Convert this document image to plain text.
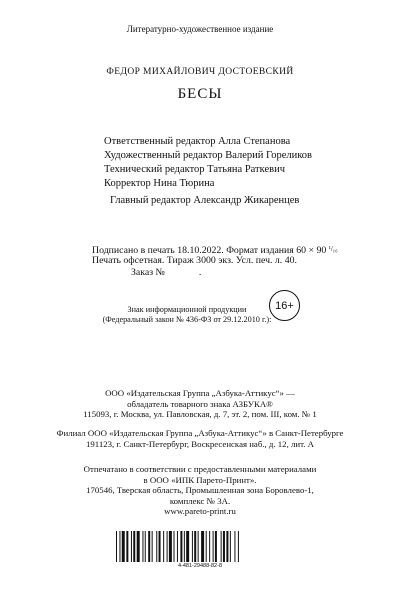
Литературно-художественное издание
ФЕДОР МИХАЙЛОВИЧ ДОСТОЕВСКИЙ
БЕСЫ
Ответственный редактор Алла Степанова
Художественный редактор Валерий Гореликов
Технический редактор Татьяна Раткевич
Корректор Нина Тюрина
Главный редактор Александр Жикаренцев
Подписано в печать 18.10.2022. Формат издания 60 × 90 $^{^1/_{16}}$
Печать офсетная. Тираж 3000 экз. Усл. печ. л. 40.
Заказ №	.
Знак информационной продукции
(Федеральный закон № 436-ФЗ от 29.12.2010 г.):
16+
ООО «Издательская Группа „Азбука-Аттикус“» —
обладатель товарного знака АЗБУКА®
115093, г. Москва, ул. Павловская, д. 7, эт. 2, пом. III, ком. № 1
Филиал ООО «Издательская Группа „Азбука-Аттикус“» в Санкт-Петербурге
191123, г. Санкт-Петербург, Воскресенская наб., д. 12, лит. А
Отпечатано в соответствии с предоставленными материалами
в ООО «ИПК Парето-Принт».
170546, Тверская область, Промышленная зона Боровлево-1,
комплекс № 3А.
www.pareto-print.ru
4-481-29488-82-8
